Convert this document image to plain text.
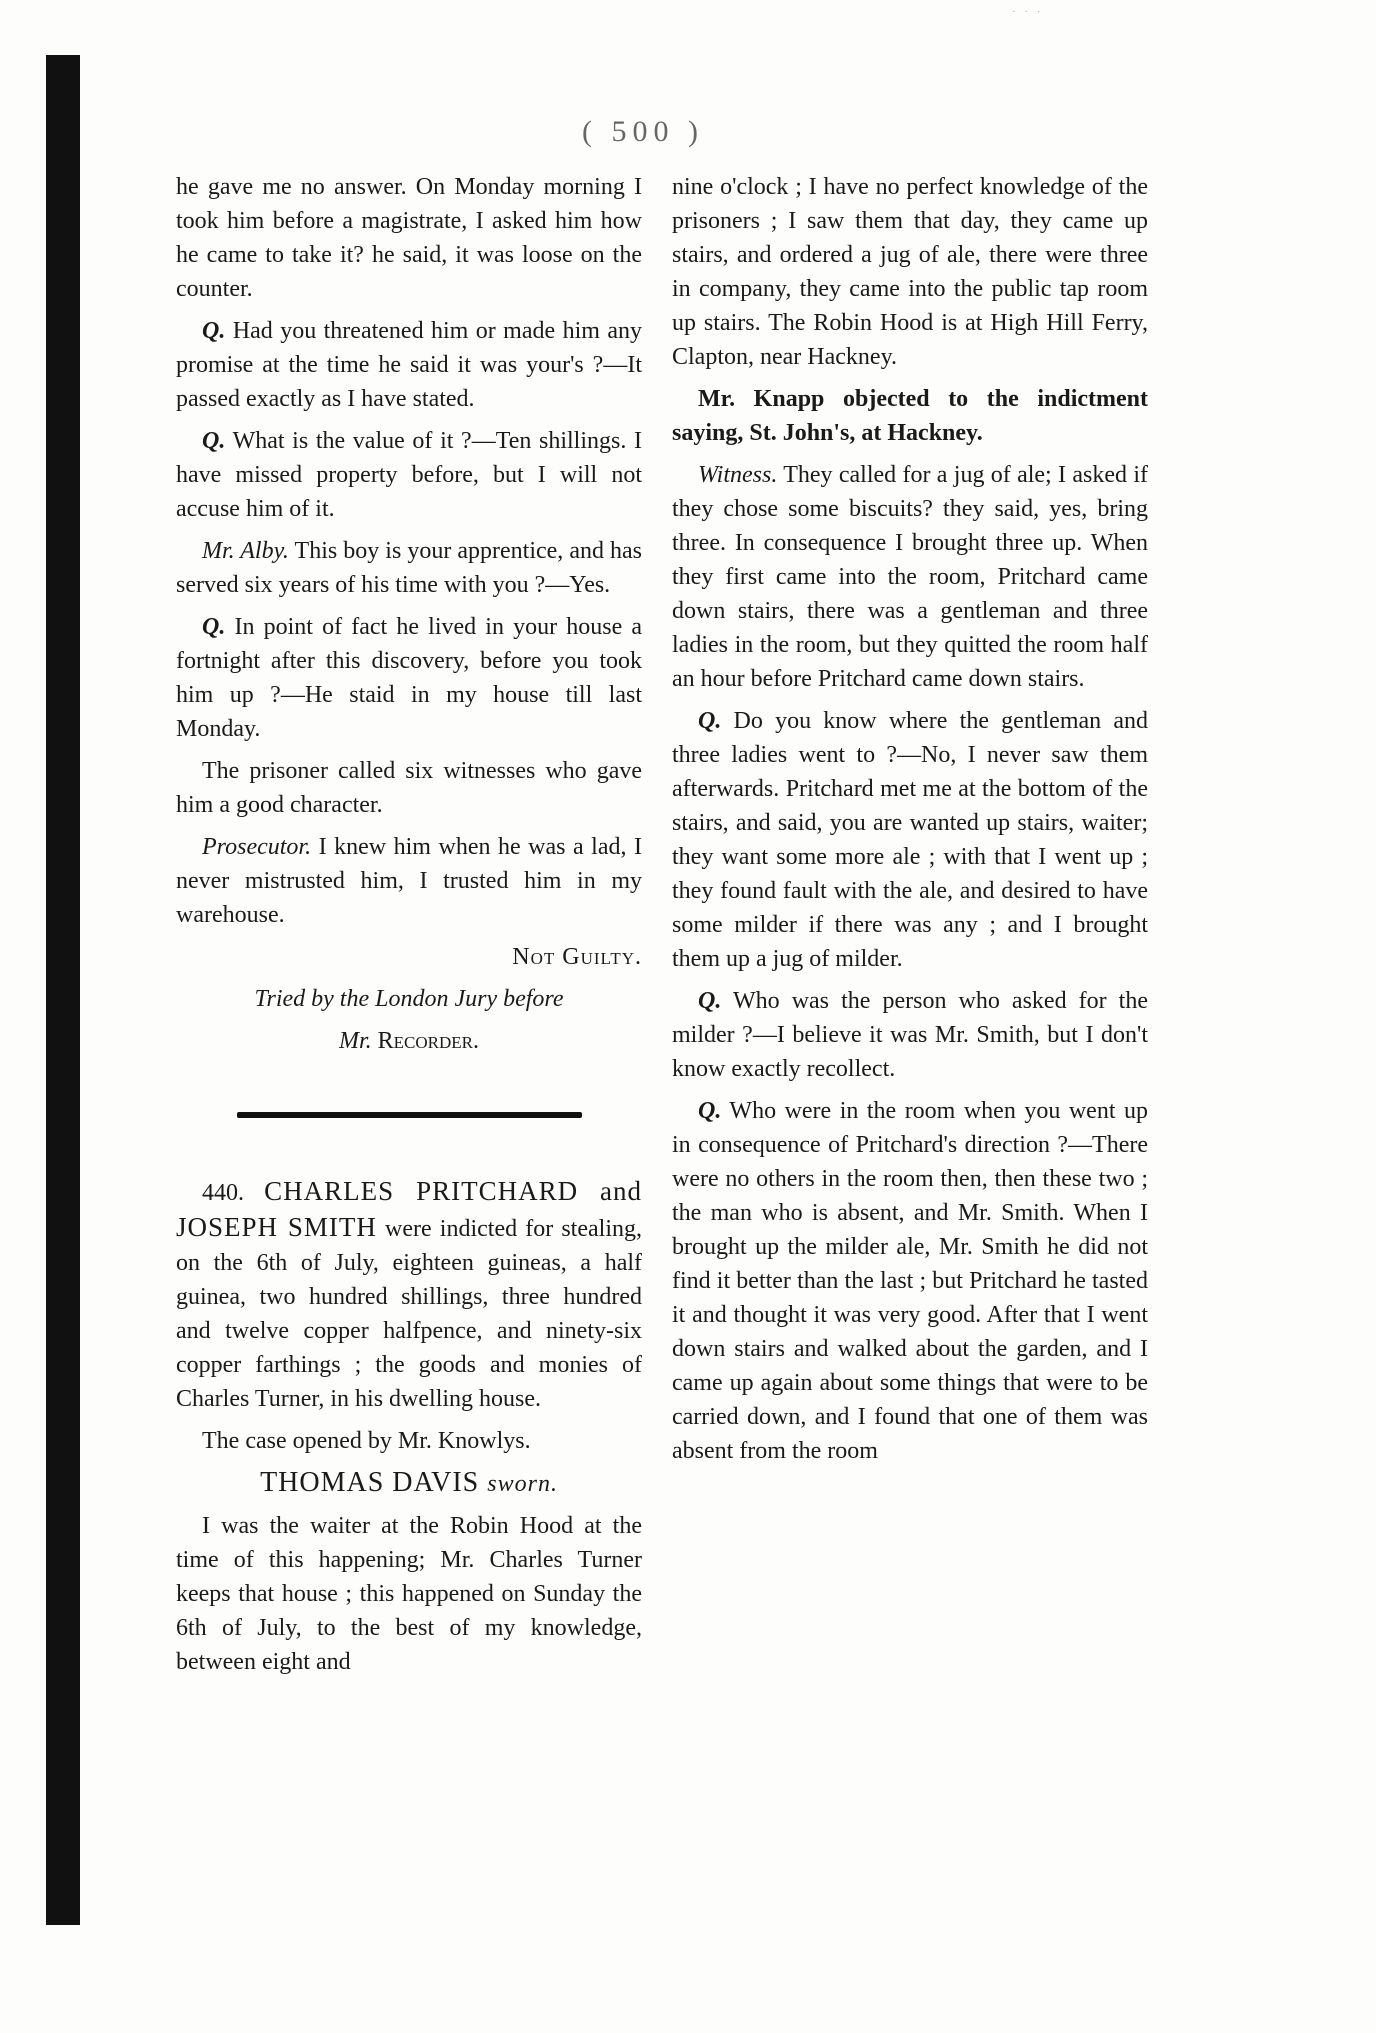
· · ·
( 500 )

he gave me no answer. On Monday morning I took him before a magistrate, I asked him how he came to take it? he said, it was loose on the counter.

Q. Had you threatened him or made him any promise at the time he said it was your's ?—It passed exactly as I have stated.

Q. What is the value of it ?—Ten shillings. I have missed property before, but I will not accuse him of it.

Mr. Alby. This boy is your apprentice, and has served six years of his time with you ?—Yes.

Q. In point of fact he lived in your house a fortnight after this discovery, before you took him up ?—He staid in my house till last Monday.

The prisoner called six witnesses who gave him a good character.

Prosecutor. I knew him when he was a lad, I never mistrusted him, I trusted him in my warehouse.

Not Guilty.

Tried by the London Jury before

Mr. Recorder.

440. CHARLES PRITCHARD and JOSEPH SMITH were indicted for stealing, on the 6th of July, eighteen guineas, a half guinea, two hundred shillings, three hundred and twelve copper halfpence, and ninety-six copper farthings ; the goods and monies of Charles Turner, in his dwelling house.

The case opened by Mr. Knowlys.

THOMAS DAVIS sworn.

I was the waiter at the Robin Hood at the time of this happening; Mr. Charles Turner keeps that house ; this happened on Sunday the 6th of July, to the best of my knowledge, between eight and

nine o'clock ; I have no perfect knowledge of the prisoners ; I saw them that day, they came up stairs, and ordered a jug of ale, there were three in company, they came into the public tap room up stairs. The Robin Hood is at High Hill Ferry, Clapton, near Hackney.

Mr. Knapp objected to the indictment saying, St. John's, at Hackney.

Witness. They called for a jug of ale; I asked if they chose some biscuits? they said, yes, bring three. In consequence I brought three up. When they first came into the room, Pritchard came down stairs, there was a gentleman and three ladies in the room, but they quitted the room half an hour before Pritchard came down stairs.

Q. Do you know where the gentleman and three ladies went to ?—No, I never saw them afterwards. Pritchard met me at the bottom of the stairs, and said, you are wanted up stairs, waiter; they want some more ale ; with that I went up ; they found fault with the ale, and desired to have some milder if there was any ; and I brought them up a jug of milder.

Q. Who was the person who asked for the milder ?—I believe it was Mr. Smith, but I don't know exactly recollect.

Q. Who were in the room when you went up in consequence of Pritchard's direction ?—There were no others in the room then, then these two ; the man who is absent, and Mr. Smith. When I brought up the milder ale, Mr. Smith he did not find it better than the last ; but Pritchard he tasted it and thought it was very good. After that I went down stairs and walked about the garden, and I came up again about some things that were to be carried down, and I found that one of them was absent from the room
